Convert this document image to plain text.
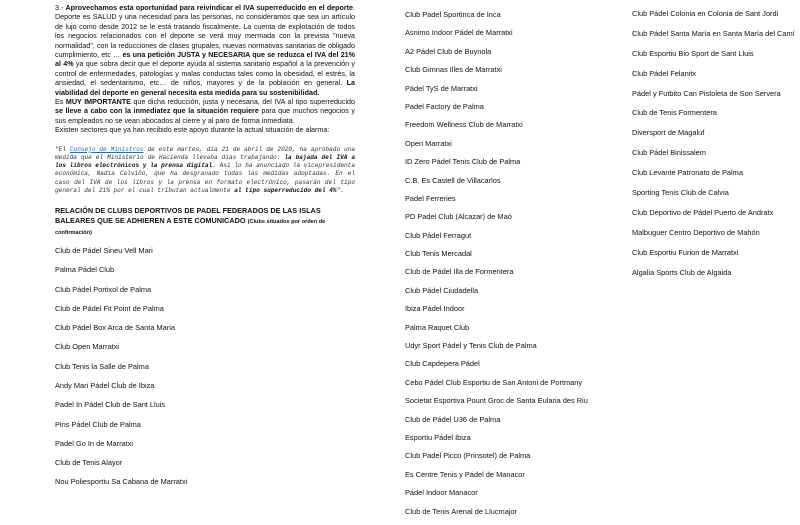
3.- Aprovechamos esta oportunidad para reivindicar el IVA superreducido en el deporte. Deporte es SALUD y una necesidad para las personas, no consideramos que sea un artículo de lujo como desde 2012 se le está tratando fiscalmente. La cuenta de explotación de todos los negocios relacionados con el deporte se verá muy mermada con la prevista "nueva normalidad", con la reducciones de clases grupales, nuevas normativas sanitarias de obligado cumplimiento, etc … es una petición JUSTA y NECESARIA que se reduzca el IVA del 21% al 4% ya que sobra decir que el deporte ayuda al sistema sanitario español a la prevención y control de enfermedades, patologías y malas conductas tales como la obesidad, el estrés, la ansiedad, el sedentarismo, etc… de niños, mayores y de la población en general. La viabilidad del deporte en general necesita esta medida para su sostenibilidad.

Es MUY IMPORTANTE que dicha reducción, justa y necesaria, del IVA al tipo superreducido se lleve a cabo con la inmediatez que la situación requiere para que muchos negocios y sus empleados no se vean abocados al cierre y al paro de forma inmediata.

Existen sectores que ya han recibido este apoyo durante la actual situación de alarma:

"El Consejo de Ministros de este martes, día 21 de abril de 2020, ha aprobado una medida que el Ministerio de Hacienda llevaba días trabajando: la bajada del IVA a los libros electrónicos y la prensa digital. Así lo ha anunciado la vicepresidenta económica, Nadia Calviño, que ha desgranado todas las medidas adoptadas. En el caso del IVA de los libros y la prensa en formato electrónico, pasarán del tipo general del 21% por el cual tributan actualmente al tipo superreducido del 4%".

RELACIÓN DE CLUBS DEPORTIVOS DE PADEL FEDERADOS DE LAS ISLAS BALEARES QUE SE ADHIEREN A ESTE COMUNICADO (Clubs situados por orden de confirmación)

Club de Pádel Sineu Vell Mari
Palma Pádel Club
Club Pádel Portixol de Palma
Club de Pádel Fit Point de Palma
Club Pádel Box Arca de Santa Maria
Club Open Marratxi
Club Tenis la Salle de Palma
Andy Mari Pádel Club de Ibiza
Padel In Pádel Club de Sant Lluis
Pins Pádel Club de Palma
Padel Go In de Marratxi
Club de Tenis Alayor
Nou Poliesportiu Sa Cabana de Marratxi
Club Padel Sportinca de Inca
Asnimo Indoor Pádel de Marratxi
A2 Pádel Club de Buynola
Club Gimnas Illes de Marratxi
Pádel TyS de Marratxi
Padel Factory de Palma
Freedom Wellness Club de Marratxi
Open Marratxi
ID Zero Pádel Tenis Club de Palma
C.B. Es Castell de Villacarlos
Padel Ferreries
PD Padel Club (Alcazar) de Maó
Club Pádel Ferragut
Club Tenis Mercadal
Club de Pádel Illa de Formentera
Club Pádel Ciudadella
Ibiza Pádel Indoor
Palma Raquet Club
Udyr Sport Pádel y Tenis Club de Palma
Club Capdepera Pádel
Cebo Pádel Club Esportiu de San Antoni de Portmany
Societat Esportiva Pount Groc de Santa Eularia des Riu
Club de Pádel U36 de Palma
Esportiu Pádel Ibiza
Club Padel Picco (Prinsotel) de Palma
Es Centre Tenis y Pádel de Manacor
Pádel Indoor Manacor
Club de Tenis Arenal de Llucmajor
Club Pádel Colonia en Colonia de Sant Jordi
Club Pádel Santa María en Santa María del Camí
Club Esportiu Bio Sport de Sant Lluis
Club Pádel Felanitx
Pádel y Futbito Can Pistoleta de Son Servera
Club de Tenis Formentera
Diversport de Magaluf
Club Pádel Binissalem
Club Levante Patronato de Palma
Sporting Tenis Club de Calvia
Club Deportivo de Pádel Puerto de Andratx
Malbuguer Centro Deportivo de Mahón
Club Esportiu Furion de Marratxi
Algalia Sports Club de Algaida
